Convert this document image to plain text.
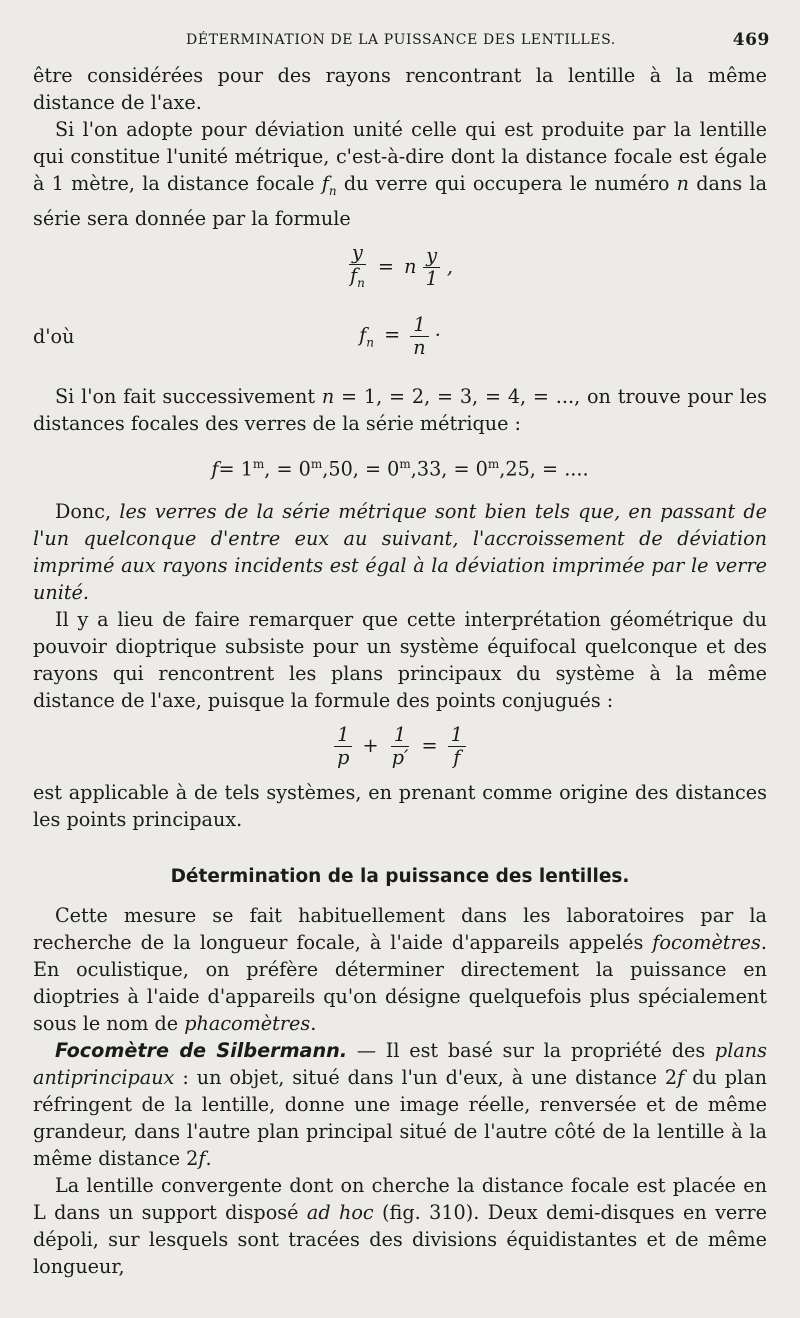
DÉTERMINATION DE LA PUISSANCE DES LENTILLES.	469

être considérées pour des rayons rencontrant la lentille à la même distance de l'axe.

Si l'on adopte pour déviation unité celle qui est produite par la lentille qui constitue l'unité métrique, c'est-à-dire dont la distance focale est égale à 1 mètre, la distance focale $f_n$ du verre qui occupera le numéro n dans la série sera donnée par la formule

$\frac{y}{f_n} = n \frac{y}{1}$ ,
d'où	$f_n = \frac{1}{n}$ ·

Si l'on fait successivement n = 1, = 2, = 3, = 4, = ..., on trouve pour les distances focales des verres de la série métrique :

$f= 1^m$, = $0^m,50$, = $0^m,33$, = $0^m,25$, = ....

Donc, les verres de la série métrique sont bien tels que, en passant de l'un quelconque d'entre eux au suivant, l'accroissement de déviation imprimé aux rayons incidents est égal à la déviation imprimée par le verre unité.

Il y a lieu de faire remarquer que cette interprétation géométrique du pouvoir dioptrique subsiste pour un système équifocal quelconque et des rayons qui rencontrent les plans principaux du système à la même distance de l'axe, puisque la formule des points conjugués :

$\frac{1}{p} + \frac{1}{p'} = \frac{1}{f}$

est applicable à de tels systèmes, en prenant comme origine des distances les points principaux.

Détermination de la puissance des lentilles.

Cette mesure se fait habituellement dans les laboratoires par la recherche de la longueur focale, à l'aide d'appareils appelés focomètres. En oculistique, on préfère déterminer directement la puissance en dioptries à l'aide d'appareils qu'on désigne quelquefois plus spécialement sous le nom de phacomètres.

Focomètre de Silbermann. — Il est basé sur la propriété des plans antiprincipaux : un objet, situé dans l'un d'eux, à une distance 2f du plan réfringent de la lentille, donne une image réelle, renversée et de même grandeur, dans l'autre plan principal situé de l'autre côté de la lentille à la même distance 2f.

La lentille convergente dont on cherche la distance focale est placée en L dans un support disposé ad hoc (fig. 310). Deux demi-disques en verre dépoli, sur lesquels sont tracées des divisions équidistantes et de même longueur,
